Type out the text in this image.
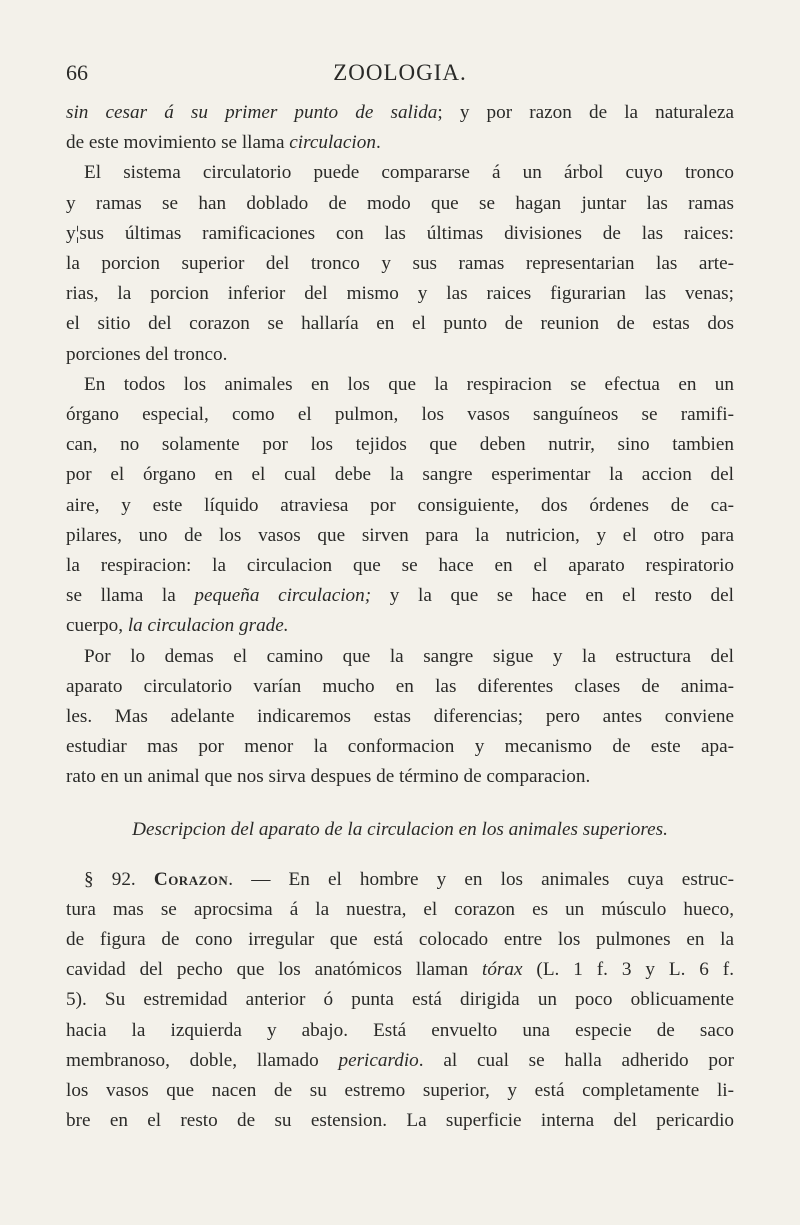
66	ZOOLOGIA.

sin cesar á su primer punto de salida; y por razon de la naturaleza
de este movimiento se llama circulacion.

El sistema circulatorio puede compararse á un árbol cuyo tronco
y ramas se han doblado de modo que se hagan juntar las ramas
y¦sus últimas ramificaciones con las últimas divisiones de las raices:
la porcion superior del tronco y sus ramas representarian las arte-
rias, la porcion inferior del mismo y las raices figurarian las venas;
el sitio del corazon se hallaría en el punto de reunion de estas dos
porciones del tronco.

En todos los animales en los que la respiracion se efectua en un
órgano especial, como el pulmon, los vasos sanguíneos se ramifi-
can, no solamente por los tejidos que deben nutrir, sino tambien
por el órgano en el cual debe la sangre esperimentar la accion del
aire, y este líquido atraviesa por consiguiente, dos órdenes de ca-
pilares, uno de los vasos que sirven para la nutricion, y el otro para
la respiracion: la circulacion que se hace en el aparato respiratorio
se llama la pequeña circulacion; y la que se hace en el resto del
cuerpo, la circulacion grade.

Por lo demas el camino que la sangre sigue y la estructura del
aparato circulatorio varían mucho en las diferentes clases de anima-
les. Mas adelante indicaremos estas diferencias; pero antes conviene
estudiar mas por menor la conformacion y mecanismo de este apa-
rato en un animal que nos sirva despues de término de comparacion.

Descripcion del aparato de la circulacion en los animales superiores.

§ 92. Corazon. — En el hombre y en los animales cuya estruc-
tura mas se aprocsima á la nuestra, el corazon es un músculo hueco,
de figura de cono irregular que está colocado entre los pulmones en la
cavidad del pecho que los anatómicos llaman tórax (L. 1 f. 3 y L. 6 f.
5). Su estremidad anterior ó punta está dirigida un poco oblicuamente
hacia la izquierda y abajo. Está envuelto una especie de saco
membranoso, doble, llamado pericardio. al cual se halla adherido por
los vasos que nacen de su estremo superior, y está completamente li-
bre en el resto de su estension. La superficie interna del pericardio
